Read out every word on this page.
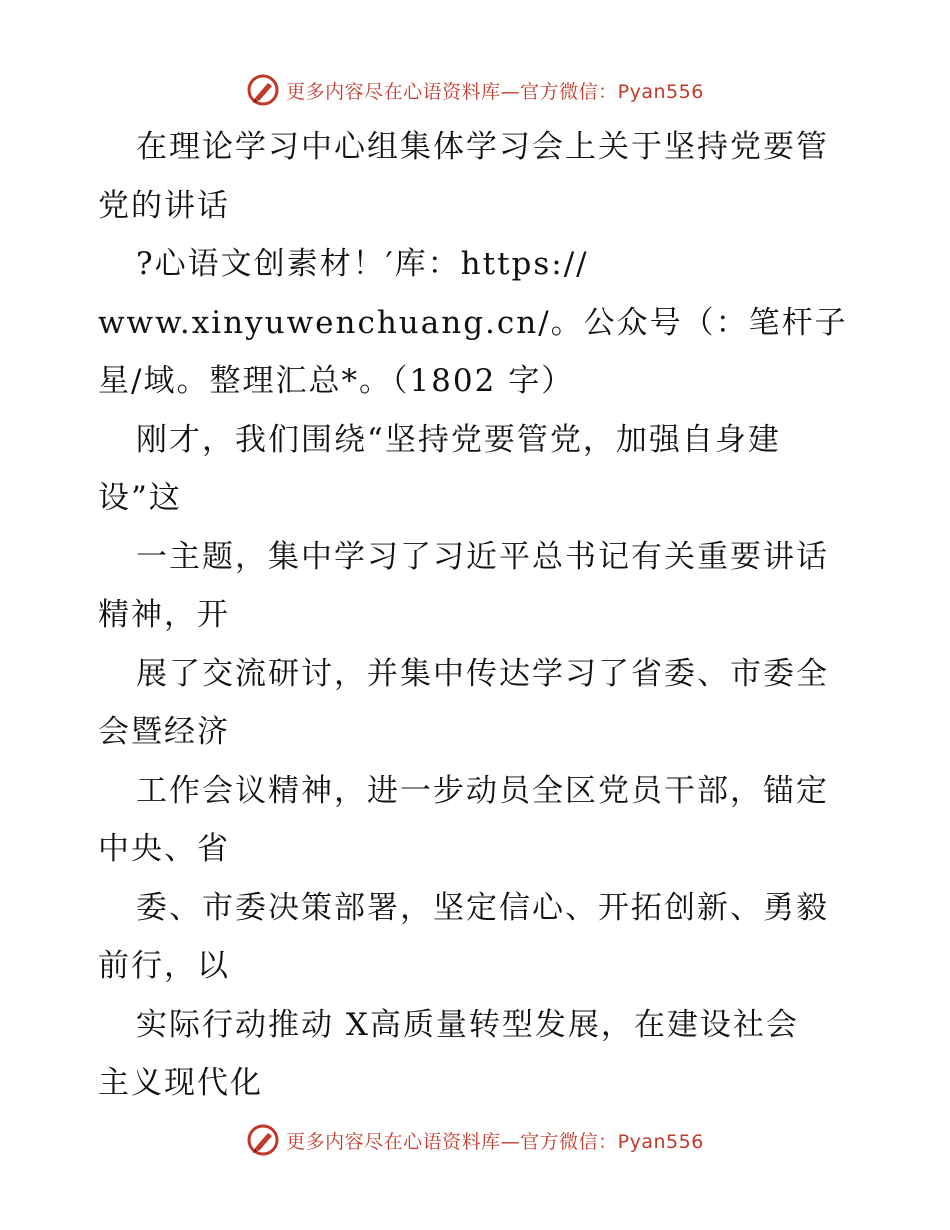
更多内容尽在心语资料库—官方微信：Pyan556
在理论学习中心组集体学习会上关于坚持党要管
党的讲话
?心语文创素材！′库：https://
www.xinyuwenchuang.cn/。公众号（：笔杆子
星/域。整理汇总*。（1802 字）
刚才，我们围绕“坚持党要管党，加强自身建
设”这
一主题，集中学习了习近平总书记有关重要讲话
精神，开
展了交流研讨，并集中传达学习了省委、市委全
会暨经济
工作会议精神，进一步动员全区党员干部，锚定
中央、省
委、市委决策部署，坚定信心、开拓创新、勇毅
前行，以
实际行动推动 X高质量转型发展，在建设社会
主义现代化
更多内容尽在心语资料库—官方微信：Pyan556
